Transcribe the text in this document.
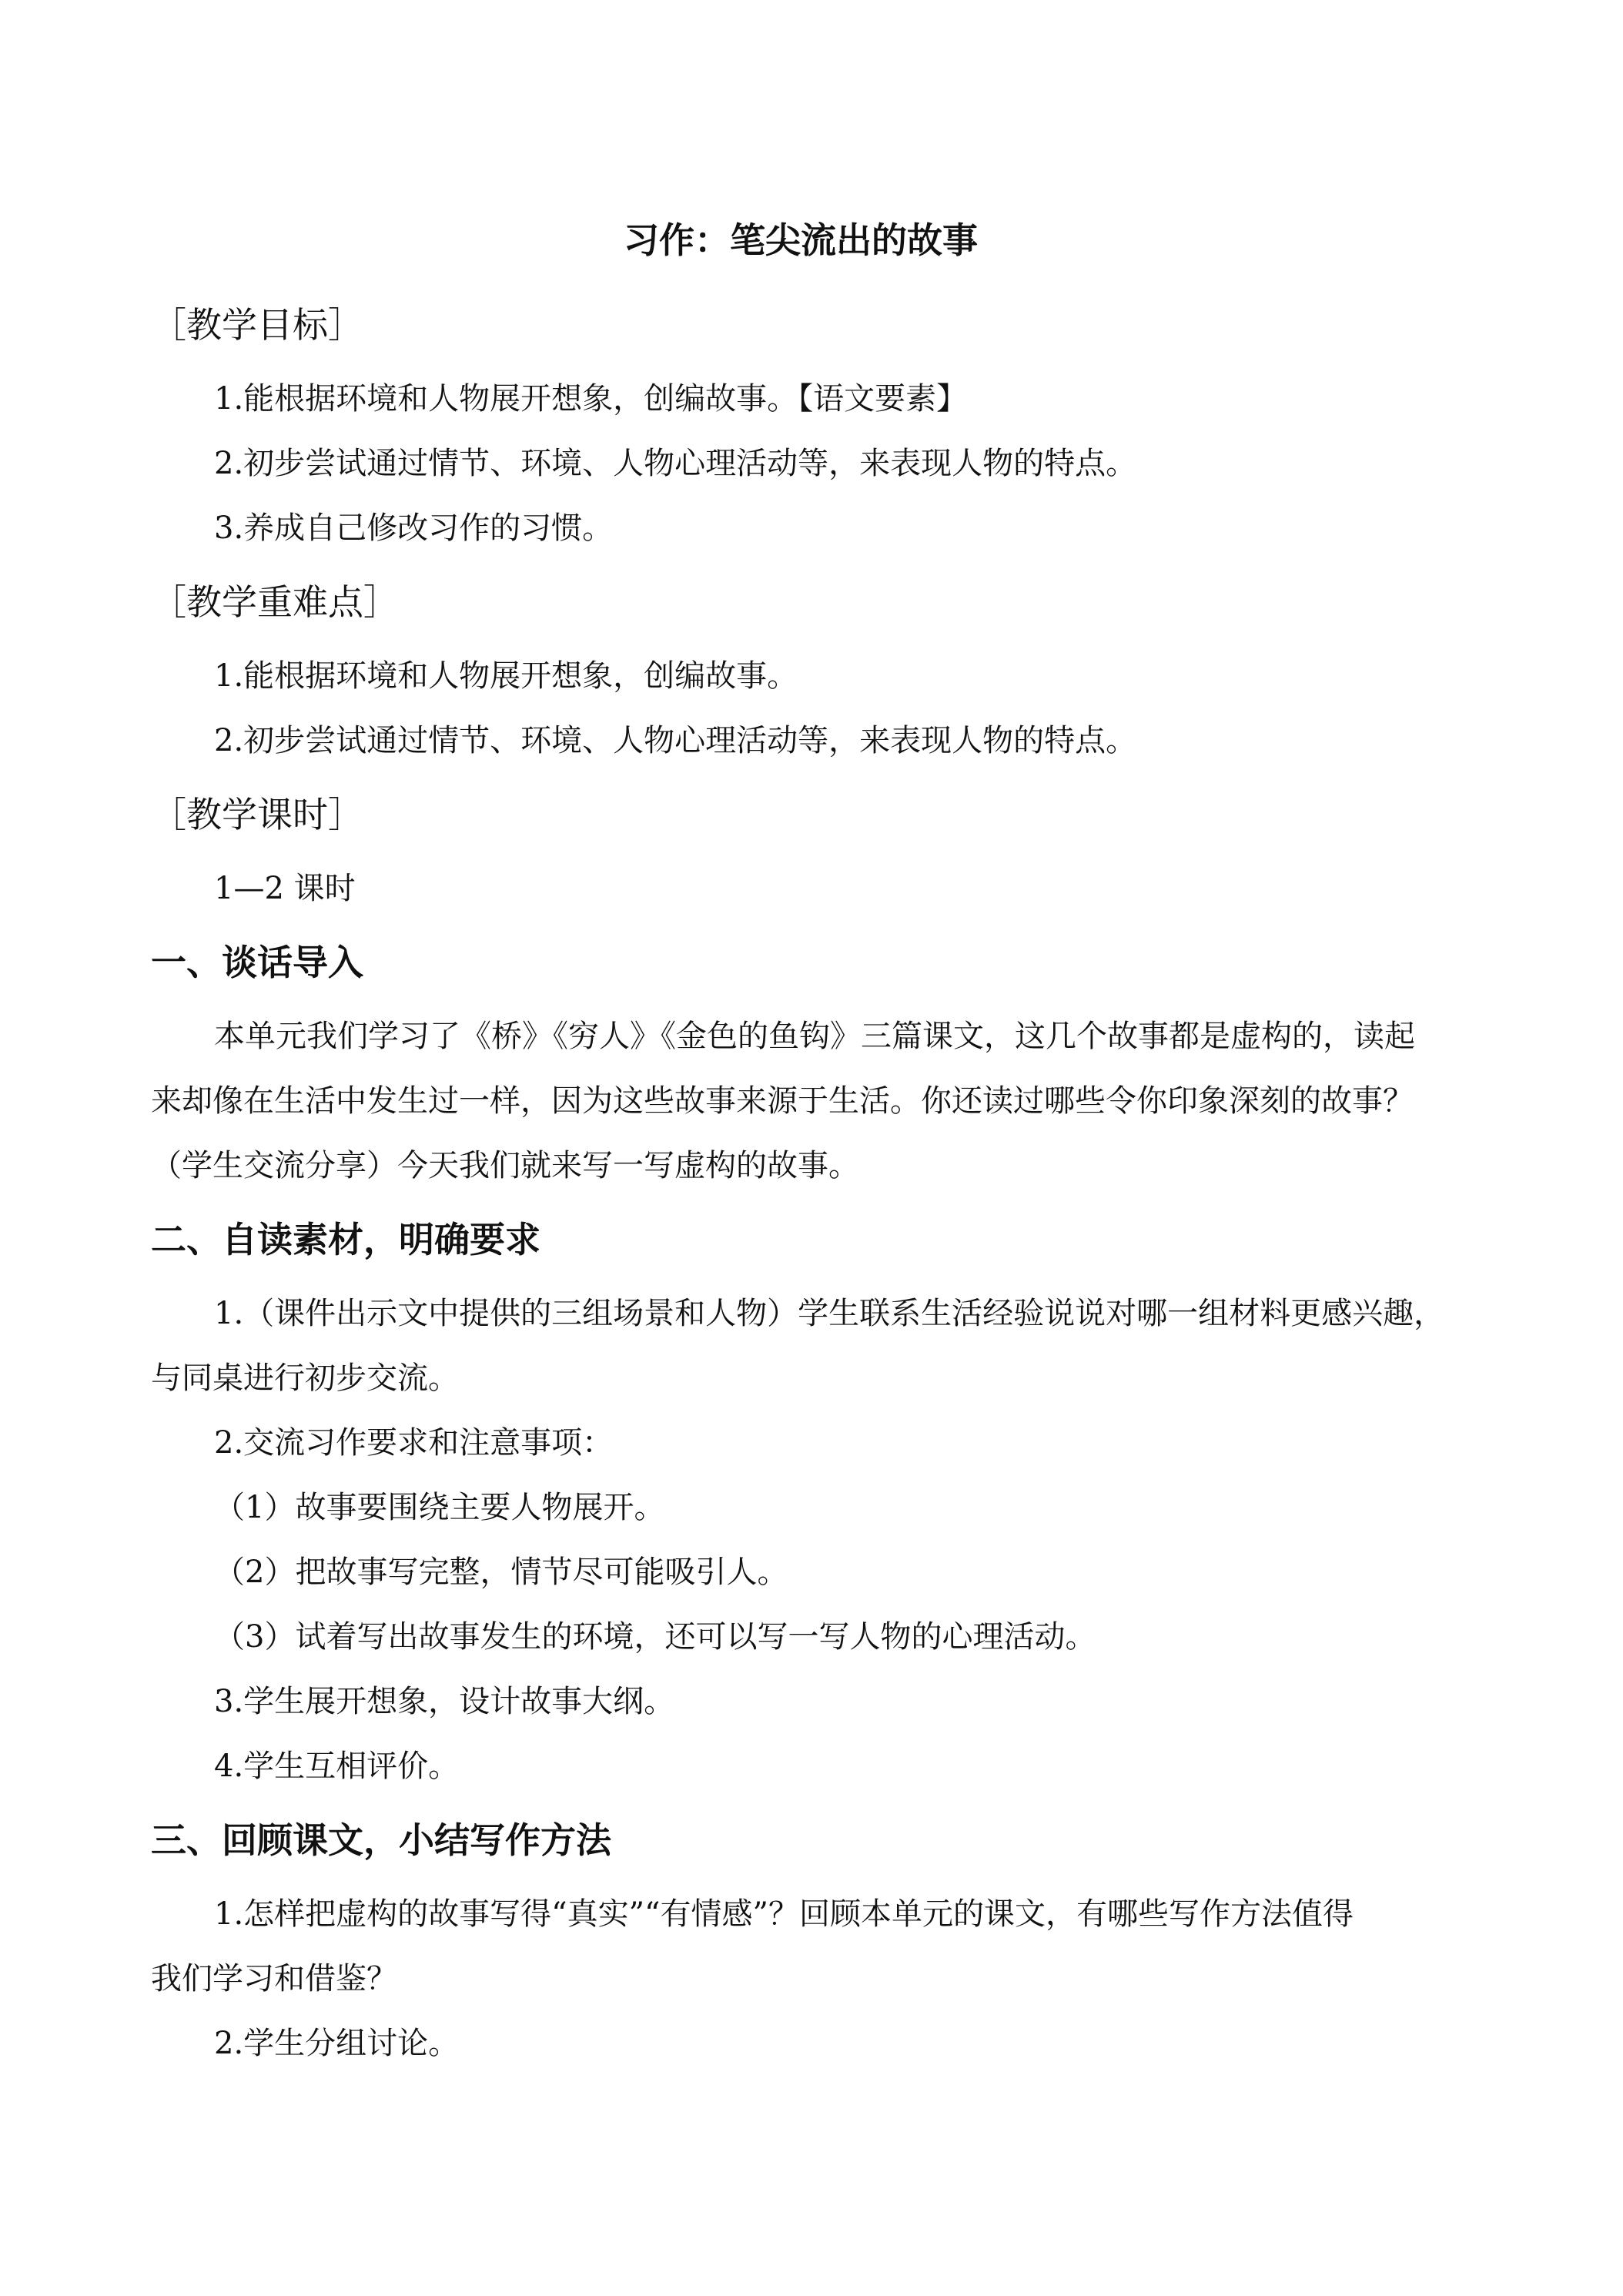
习作：笔尖流出的故事
［教学目标］
1.能根据环境和人物展开想象，创编故事。【语文要素】
2.初步尝试通过情节、环境、人物心理活动等，来表现人物的特点。
3.养成自己修改习作的习惯。
［教学重难点］
1.能根据环境和人物展开想象，创编故事。
2.初步尝试通过情节、环境、人物心理活动等，来表现人物的特点。
［教学课时］
1—2 课时
一、谈话导入
本单元我们学习了《桥》《穷人》《金色的鱼钩》三篇课文，这几个故事都是虚构的，读起
来却像在生活中发生过一样，因为这些故事来源于生活。你还读过哪些令你印象深刻的故事？
（学生交流分享）今天我们就来写一写虚构的故事。
二、自读素材，明确要求
1.（课件出示文中提供的三组场景和人物）学生联系生活经验说说对哪一组材料更感兴趣，
与同桌进行初步交流。
2.交流习作要求和注意事项：
（1）故事要围绕主要人物展开。
（2）把故事写完整，情节尽可能吸引人。
（3）试着写出故事发生的环境，还可以写一写人物的心理活动。
3.学生展开想象，设计故事大纲。
4.学生互相评价。
三、回顾课文，小结写作方法
1.怎样把虚构的故事写得“真实”“有情感”？回顾本单元的课文，有哪些写作方法值得
我们学习和借鉴？
2.学生分组讨论。
